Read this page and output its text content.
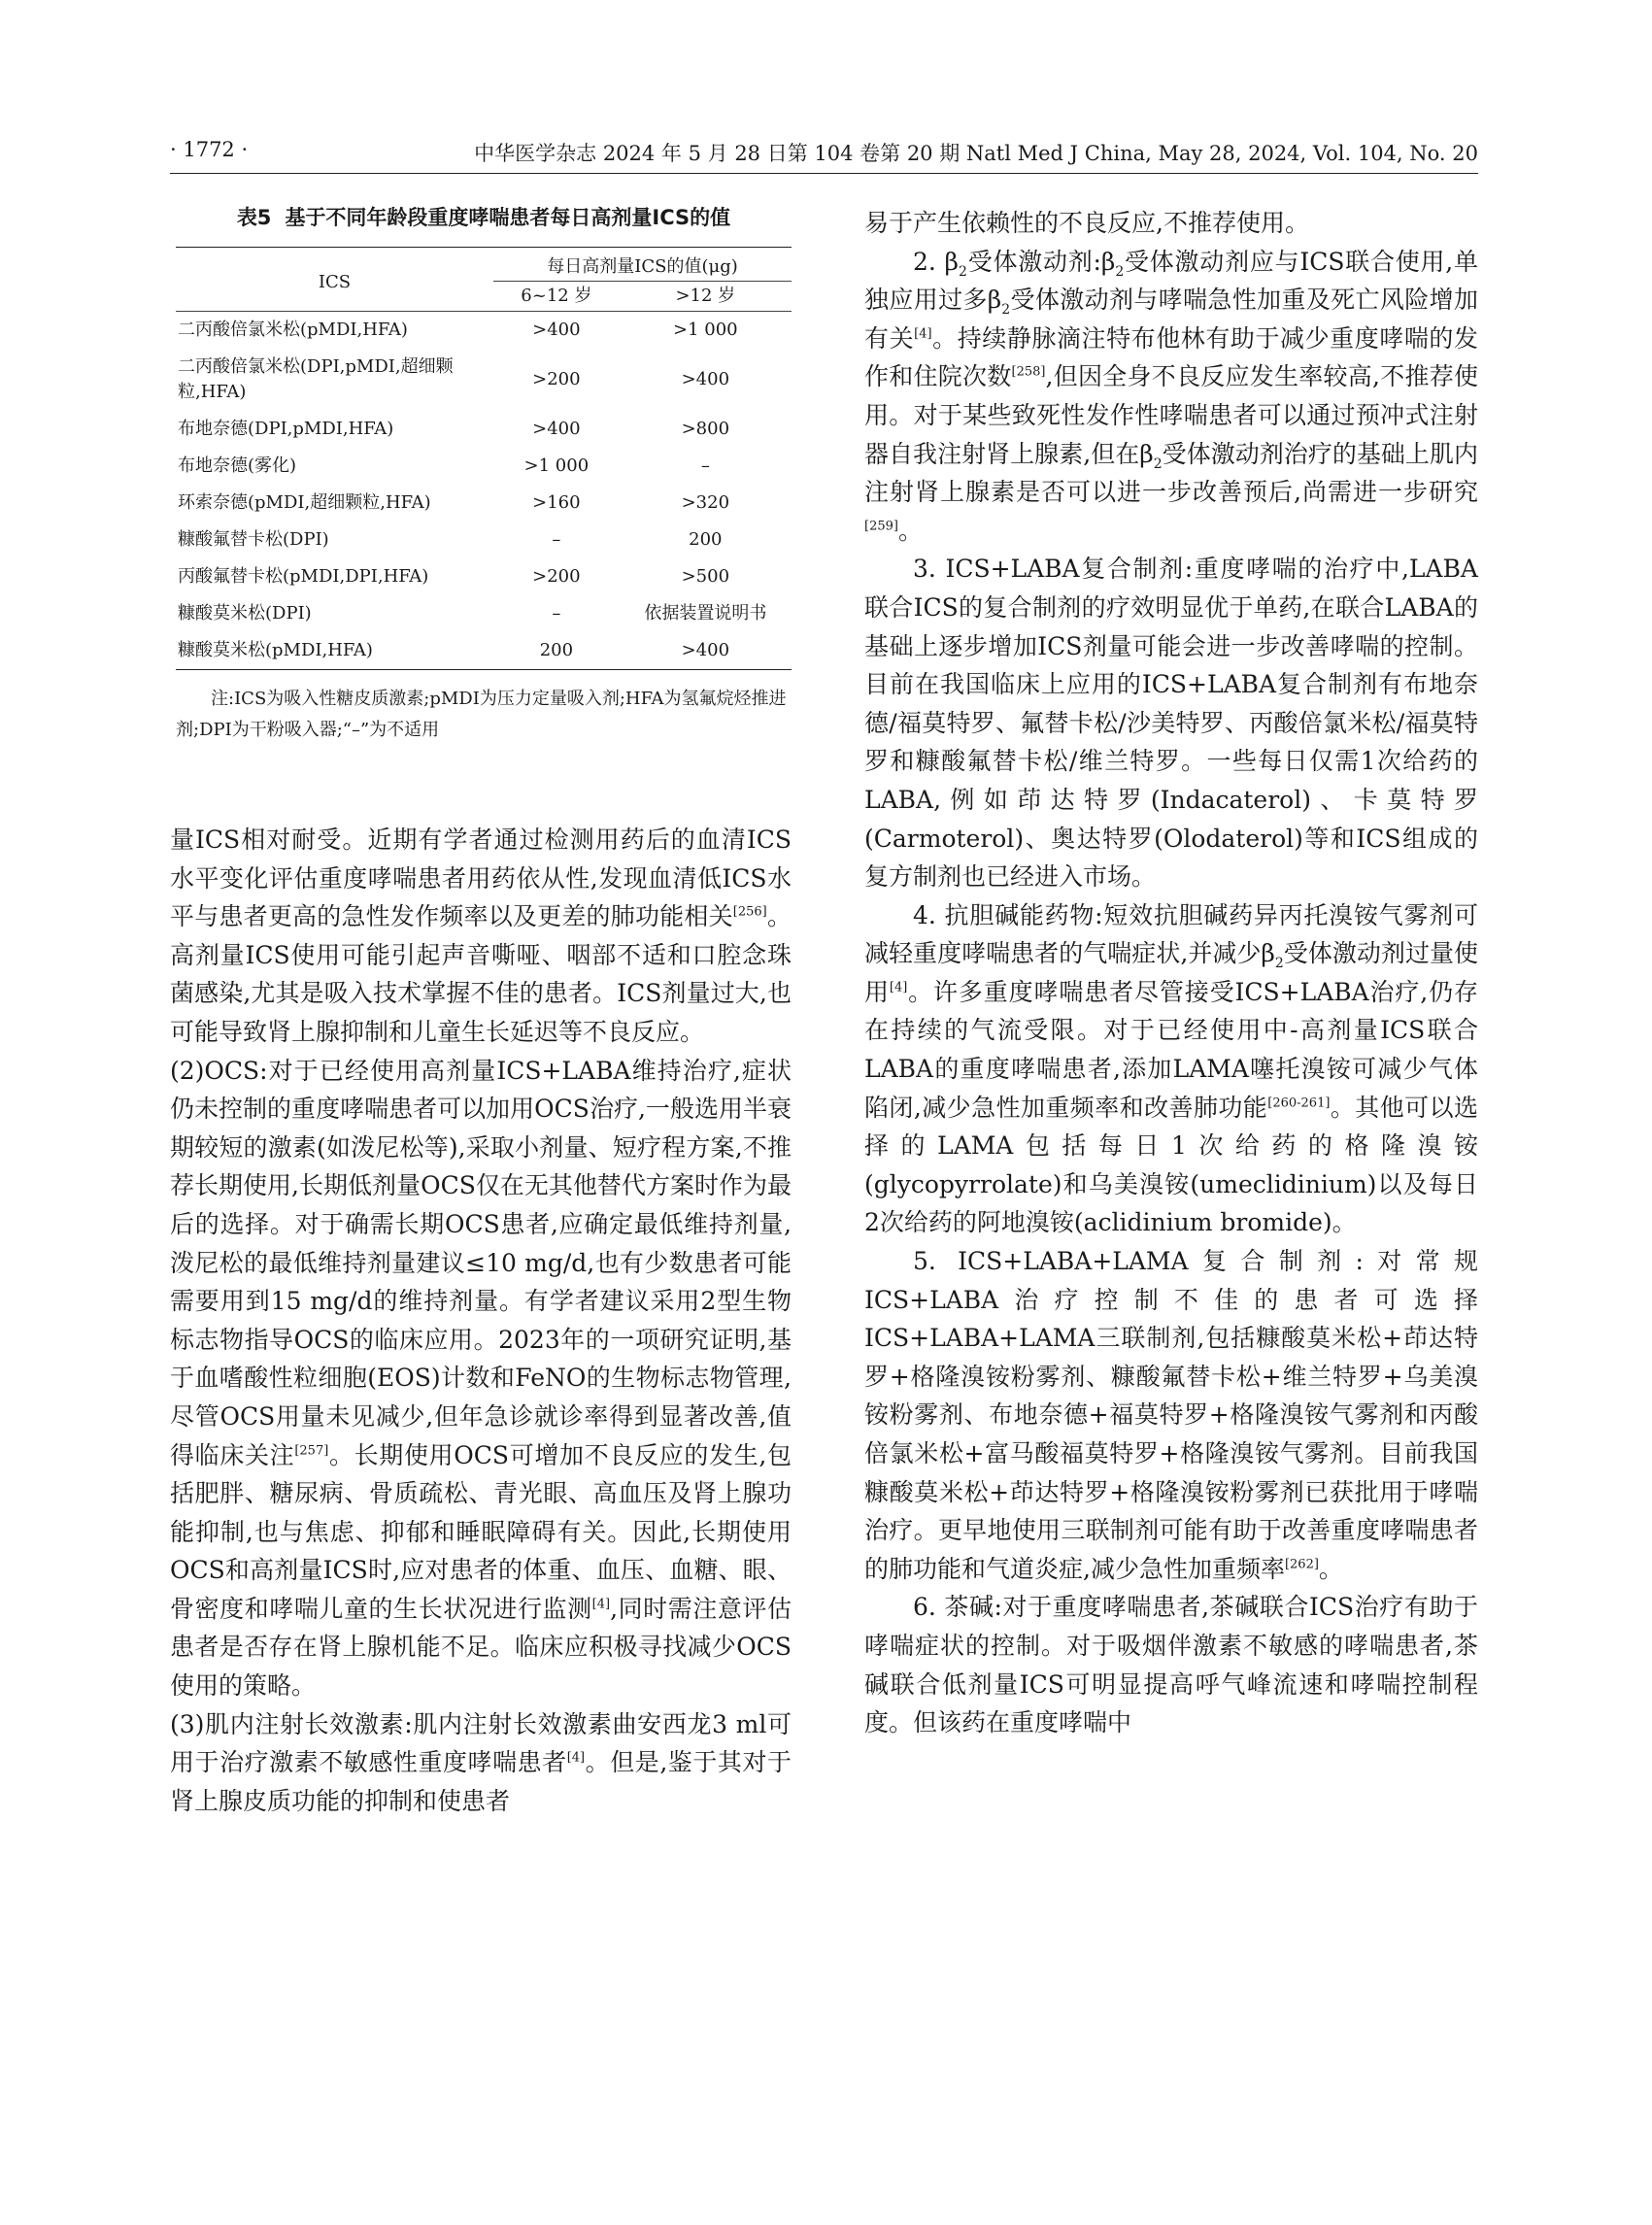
· 1772 ·	中华医学杂志 2024 年 5 月 28 日第 104 卷第 20 期 Natl Med J China, May 28, 2024, Vol. 104, No. 20
表5 基于不同年龄段重度哮喘患者每日高剂量ICS的值
ICS	每日高剂量ICS的值(μg)	
	6~12 岁	>12 岁
二丙酸倍氯米松(pMDI,HFA)	>400	>1 000
二丙酸倍氯米松(DPI,pMDI,超细颗粒,HFA)	>200	>400
布地奈德(DPI,pMDI,HFA)	>400	>800
布地奈德(雾化)	>1 000	–
环索奈德(pMDI,超细颗粒,HFA)	>160	>320
糠酸氟替卡松(DPI)	–	200
丙酸氟替卡松(pMDI,DPI,HFA)	>200	>500
糠酸莫米松(DPI)	–	依据装置说明书
糠酸莫米松(pMDI,HFA)	200	>400
注:ICS为吸入性糖皮质激素;pMDI为压力定量吸入剂;HFA为氢氟烷烃推进剂;DPI为干粉吸入器;“–”为不适用

量ICS相对耐受。近期有学者通过检测用药后的血清ICS水平变化评估重度哮喘患者用药依从性,发现血清低ICS水平与患者更高的急性发作频率以及更差的肺功能相关[256]。高剂量ICS使用可能引起声音嘶哑、咽部不适和口腔念珠菌感染,尤其是吸入技术掌握不佳的患者。ICS剂量过大,也可能导致肾上腺抑制和儿童生长延迟等不良反应。

(2)OCS:对于已经使用高剂量ICS+LABA维持治疗,症状仍未控制的重度哮喘患者可以加用OCS治疗,一般选用半衰期较短的激素(如泼尼松等),采取小剂量、短疗程方案,不推荐长期使用,长期低剂量OCS仅在无其他替代方案时作为最后的选择。对于确需长期OCS患者,应确定最低维持剂量,泼尼松的最低维持剂量建议≤10 mg/d,也有少数患者可能需要用到15 mg/d的维持剂量。有学者建议采用2型生物标志物指导OCS的临床应用。2023年的一项研究证明,基于血嗜酸性粒细胞(EOS)计数和FeNO的生物标志物管理,尽管OCS用量未见减少,但年急诊就诊率得到显著改善,值得临床关注[257]。长期使用OCS可增加不良反应的发生,包括肥胖、糖尿病、骨质疏松、青光眼、高血压及肾上腺功能抑制,也与焦虑、抑郁和睡眠障碍有关。因此,长期使用OCS和高剂量ICS时,应对患者的体重、血压、血糖、眼、骨密度和哮喘儿童的生长状况进行监测[4],同时需注意评估患者是否存在肾上腺机能不足。临床应积极寻找减少OCS使用的策略。

(3)肌内注射长效激素:肌内注射长效激素曲安西龙3 ml可用于治疗激素不敏感性重度哮喘患者[4]。但是,鉴于其对于肾上腺皮质功能的抑制和使患者

易于产生依赖性的不良反应,不推荐使用。

2. $\beta_2$受体激动剂$:\beta_2$受体激动剂应与ICS联合使用,单独应用过多$\beta_2$受体激动剂与哮喘急性加重及死亡风险增加有关[4]。持续静脉滴注特布他林有助于减少重度哮喘的发作和住院次数[258],但因全身不良反应发生率较高,不推荐使用。对于某些致死性发作性哮喘患者可以通过预冲式注射器自我注射肾上腺素,但在$\beta_2$受体激动剂治疗的基础上肌内注射肾上腺素是否可以进一步改善预后,尚需进一步研究[259]。

3. ICS+LABA复合制剂:重度哮喘的治疗中,LABA联合ICS的复合制剂的疗效明显优于单药,在联合LABA的基础上逐步增加ICS剂量可能会进一步改善哮喘的控制。目前在我国临床上应用的ICS+LABA复合制剂有布地奈德/福莫特罗、氟替卡松/沙美特罗、丙酸倍氯米松/福莫特罗和糠酸氟替卡松/维兰特罗。一些每日仅需1次给药的LABA,例如茚达特罗(Indacaterol)、卡莫特罗(Carmoterol)、奥达特罗(Olodaterol)等和ICS组成的复方制剂也已经进入市场。

4. 抗胆碱能药物:短效抗胆碱药异丙托溴铵气雾剂可减轻重度哮喘患者的气喘症状,并减少$\beta_2$受体激动剂过量使用[4]。许多重度哮喘患者尽管接受ICS+LABA治疗,仍存在持续的气流受限。对于已经使用中-高剂量ICS联合LABA的重度哮喘患者,添加LAMA噻托溴铵可减少气体陷闭,减少急性加重频率和改善肺功能[260-261]。其他可以选择的LAMA包括每日1次给药的格隆溴铵(glycopyrrolate)和乌美溴铵(umeclidinium)以及每日2次给药的阿地溴铵(aclidinium bromide)。

5. ICS+LABA+LAMA复合制剂:对常规ICS+LABA治疗控制不佳的患者可选择ICS+LABA+LAMA三联制剂,包括糠酸莫米松+茚达特罗+格隆溴铵粉雾剂、糠酸氟替卡松+维兰特罗+乌美溴铵粉雾剂、布地奈德+福莫特罗+格隆溴铵气雾剂和丙酸倍氯米松+富马酸福莫特罗+格隆溴铵气雾剂。目前我国糠酸莫米松+茚达特罗+格隆溴铵粉雾剂已获批用于哮喘治疗。更早地使用三联制剂可能有助于改善重度哮喘患者的肺功能和气道炎症,减少急性加重频率[262]。

6. 茶碱:对于重度哮喘患者,茶碱联合ICS治疗有助于哮喘症状的控制。对于吸烟伴激素不敏感的哮喘患者,茶碱联合低剂量ICS可明显提高呼气峰流速和哮喘控制程度。但该药在重度哮喘中
